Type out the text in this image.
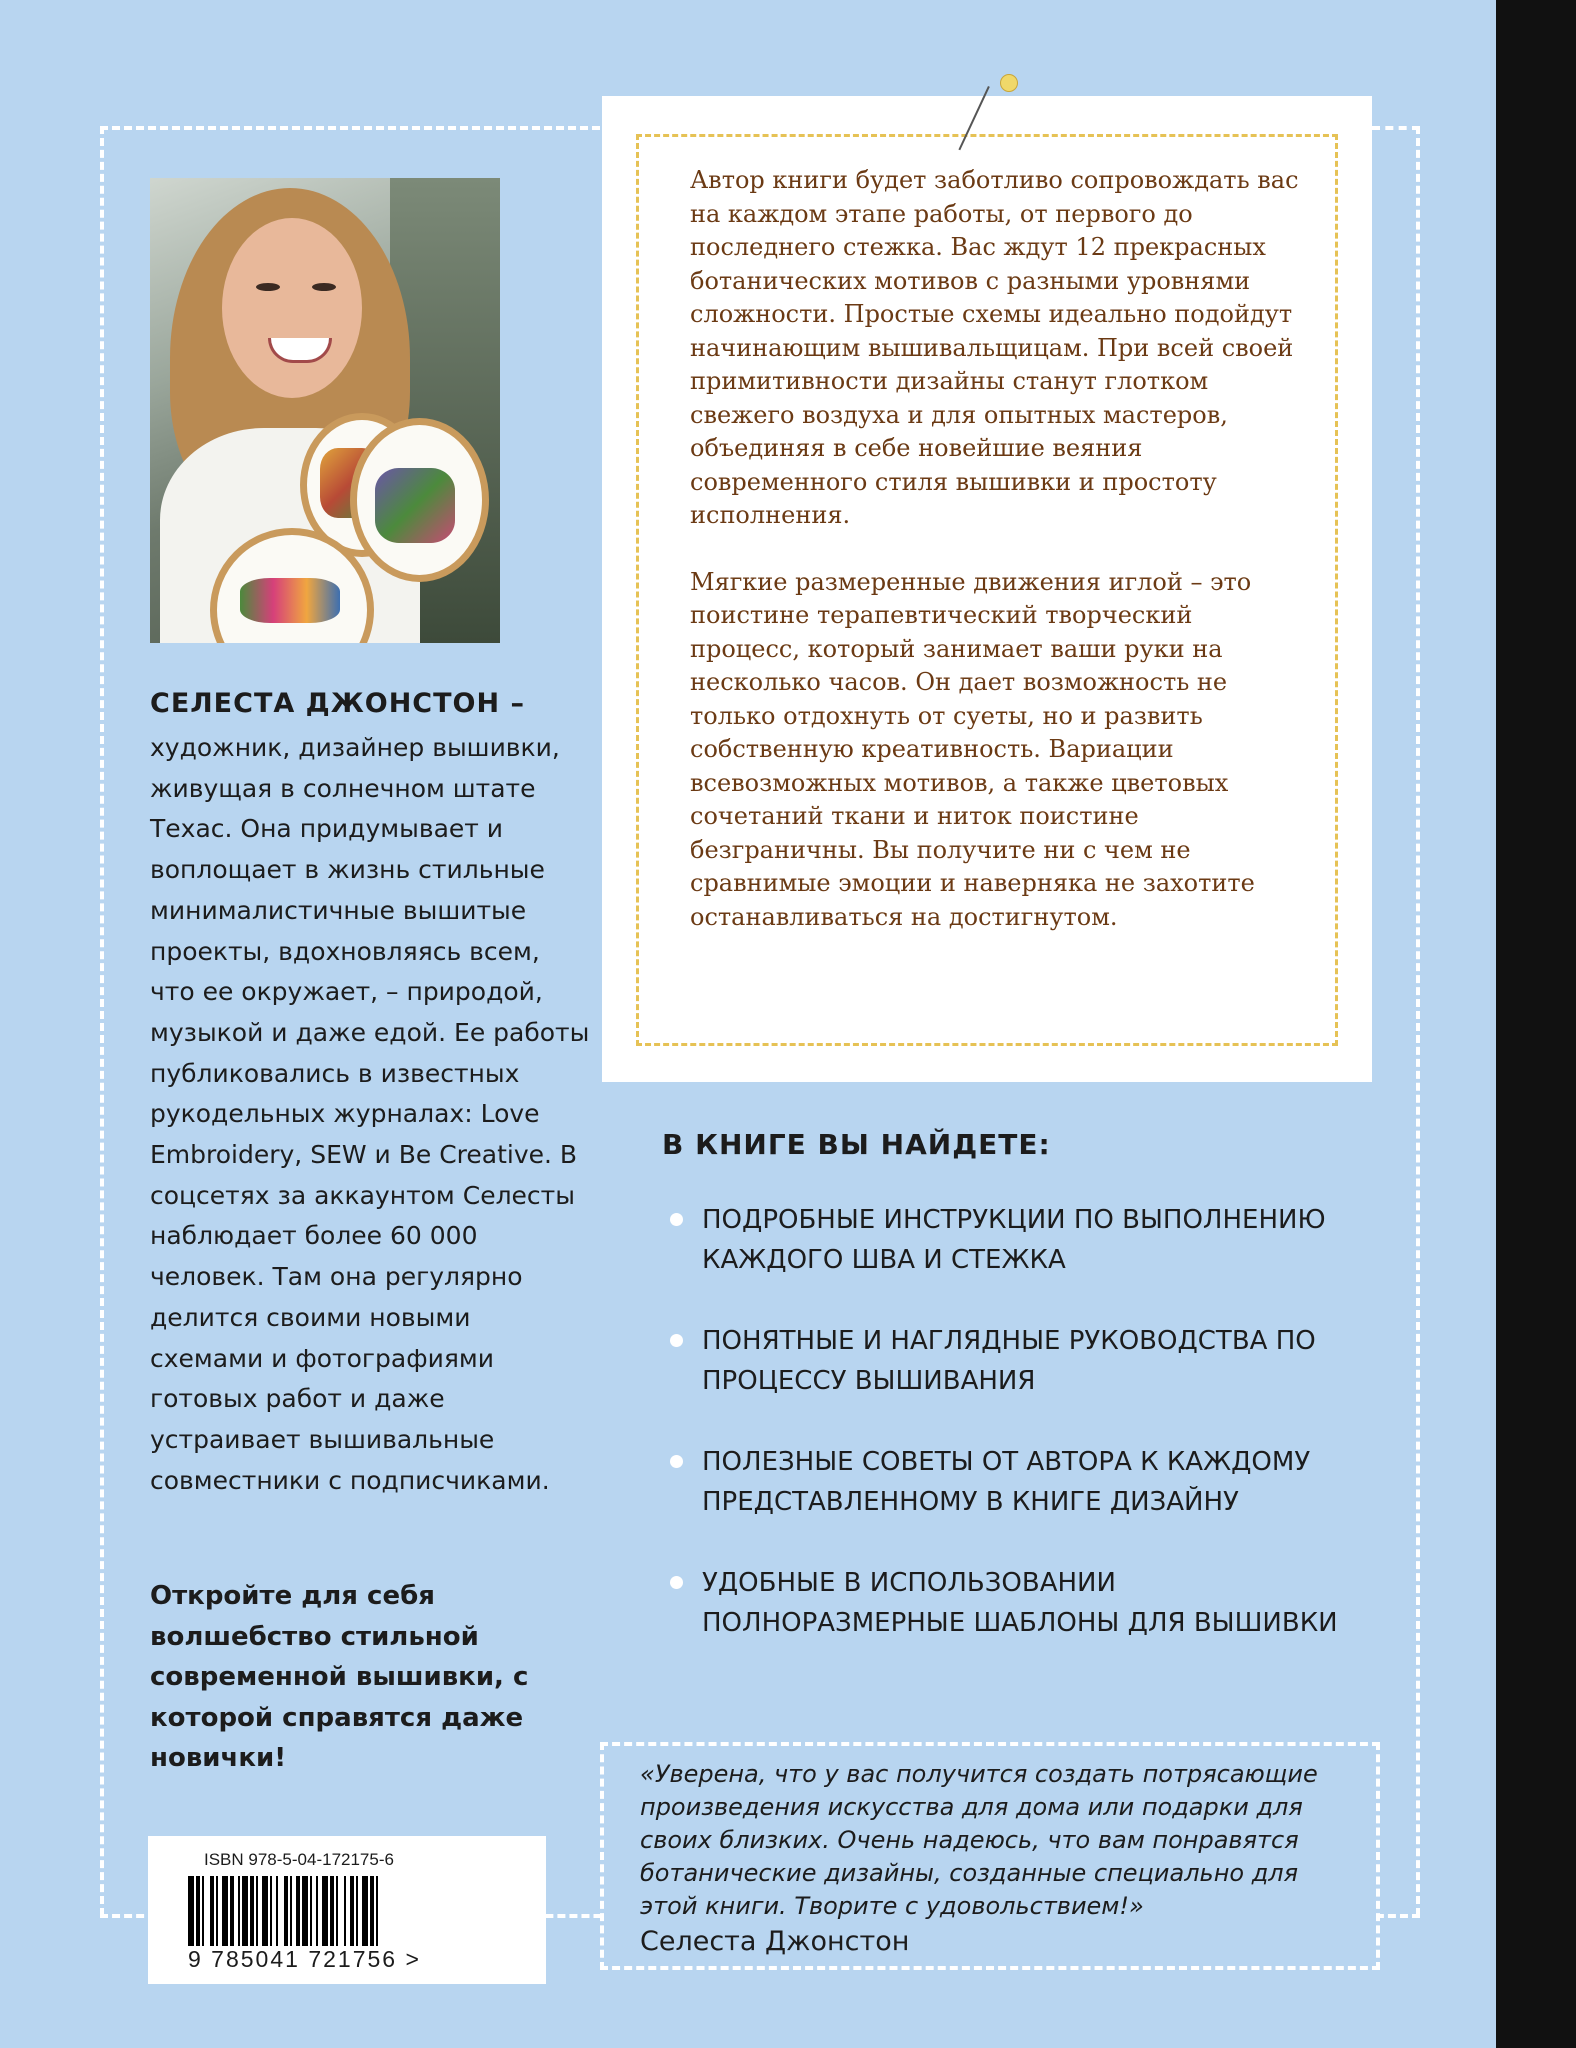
СЕЛЕСТА ДЖОНСТОН –

художник, дизайнер вышивки, живущая в солнечном штате Техас. Она придумывает и воплощает в жизнь стильные минималистичные вышитые проекты, вдохновляясь всем, что ее окружает, – природой, музыкой и даже едой. Ее работы публиковались в известных рукодельных журналах: Love Embroidery, SEW и Be Creative. В соцсетях за аккаунтом Селесты наблюдает более 60 000 человек. Там она регулярно делится своими новыми схемами и фотографиями готовых работ и даже устраивает вышивальные совместники с подписчиками.

Откройте для себя волшебство стильной современной вышивки, с которой справятся даже новички!

ISBN 978-5-04-172175-6
9 785041 721756 >

Автор книги будет заботливо сопровождать вас на каждом этапе работы, от первого до последнего стежка. Вас ждут 12 прекрасных ботанических мотивов с разными уровнями сложности. Простые схемы идеально подойдут начинающим вышивальщицам. При всей своей примитивности дизайны станут глотком свежего воздуха и для опытных мастеров, объединяя в себе новейшие веяния современного стиля вышивки и простоту исполнения.

Мягкие размеренные движения иглой – это поистине терапевтический творческий процесс, который занимает ваши руки на несколько часов. Он дает возможность не только отдохнуть от суеты, но и развить собственную креативность. Вариации всевозможных мотивов, а также цветовых сочетаний ткани и ниток поистине безграничны. Вы получите ни с чем не сравнимые эмоции и наверняка не захотите останавливаться на достигнутом.

В КНИГЕ ВЫ НАЙДЕТЕ:
ПОДРОБНЫЕ ИНСТРУКЦИИ ПО ВЫПОЛНЕНИЮ КАЖДОГО ШВА И СТЕЖКА
ПОНЯТНЫЕ И НАГЛЯДНЫЕ РУКОВОДСТВА ПО ПРОЦЕССУ ВЫШИВАНИЯ
ПОЛЕЗНЫЕ СОВЕТЫ ОТ АВТОРА К КАЖДОМУ ПРЕДСТАВЛЕННОМУ В КНИГЕ ДИЗАЙНУ
УДОБНЫЕ В ИСПОЛЬЗОВАНИИ ПОЛНОРАЗМЕРНЫЕ ШАБЛОНЫ ДЛЯ ВЫШИВКИ

«Уверена, что у вас получится создать потрясающие произведения искусства для дома или подарки для своих близких. Очень надеюсь, что вам понравятся ботанические дизайны, созданные специально для этой книги. Творите с удовольствием!»

Селеста Джонстон
